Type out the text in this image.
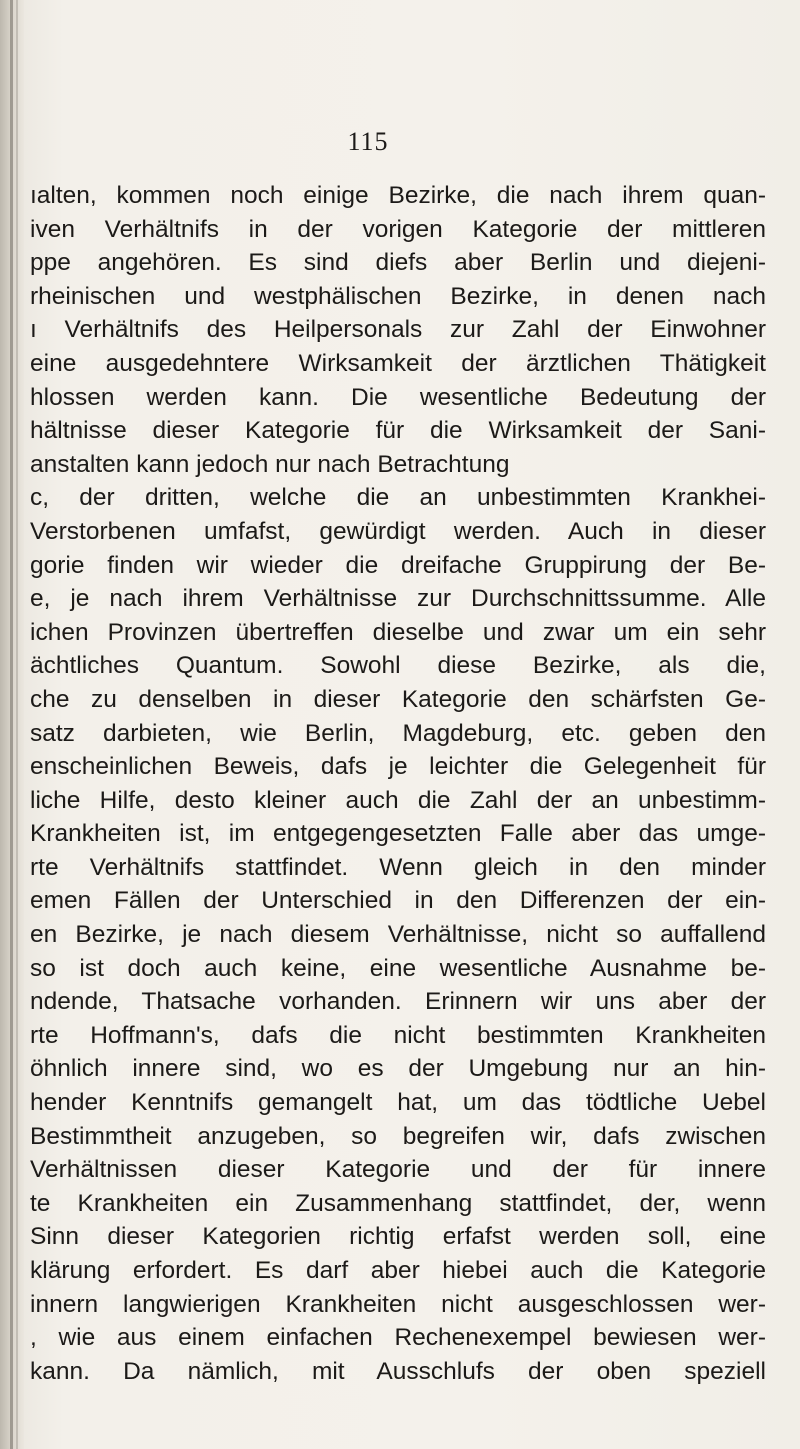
115
ıalten, kommen noch einige Bezirke, die nach ihrem quan-
iven Verhältnifs in der vorigen Kategorie der mittleren
ppe angehören. Es sind diefs aber Berlin und diejeni-
rheinischen und westphälischen Bezirke, in denen nach
ı Verhältnifs des Heilpersonals zur Zahl der Einwohner
eine ausgedehntere Wirksamkeit der ärztlichen Thätigkeit
hlossen werden kann. Die wesentliche Bedeutung der
hältnisse dieser Kategorie für die Wirksamkeit der Sani-
anstalten kann jedoch nur nach Betrachtung
c, der dritten, welche die an unbestimmten Krankhei-
Verstorbenen umfafst, gewürdigt werden. Auch in dieser
gorie finden wir wieder die dreifache Gruppirung der Be-
e, je nach ihrem Verhältnisse zur Durchschnittssumme. Alle
ichen Provinzen übertreffen dieselbe und zwar um ein sehr
ächtliches Quantum. Sowohl diese Bezirke, als die,
che zu denselben in dieser Kategorie den schärfsten Ge-
satz darbieten, wie Berlin, Magdeburg, etc. geben den
enscheinlichen Beweis, dafs je leichter die Gelegenheit für
liche Hilfe, desto kleiner auch die Zahl der an unbestimm-
Krankheiten ist, im entgegengesetzten Falle aber das umge-
rte Verhältnifs stattfindet. Wenn gleich in den minder
emen Fällen der Unterschied in den Differenzen der ein-
en Bezirke, je nach diesem Verhältnisse, nicht so auffallend
so ist doch auch keine, eine wesentliche Ausnahme be-
ndende, Thatsache vorhanden. Erinnern wir uns aber der
rte Hoffmann's, dafs die nicht bestimmten Krankheiten
öhnlich innere sind, wo es der Umgebung nur an hin-
hender Kenntnifs gemangelt hat, um das tödtliche Uebel
Bestimmtheit anzugeben, so begreifen wir, dafs zwischen
Verhältnissen dieser Kategorie und der für innere
te Krankheiten ein Zusammenhang stattfindet, der, wenn
Sinn dieser Kategorien richtig erfafst werden soll, eine
klärung erfordert. Es darf aber hiebei auch die Kategorie
innern langwierigen Krankheiten nicht ausgeschlossen wer-
, wie aus einem einfachen Rechenexempel bewiesen wer-
kann. Da nämlich, mit Ausschlufs der oben speziell
